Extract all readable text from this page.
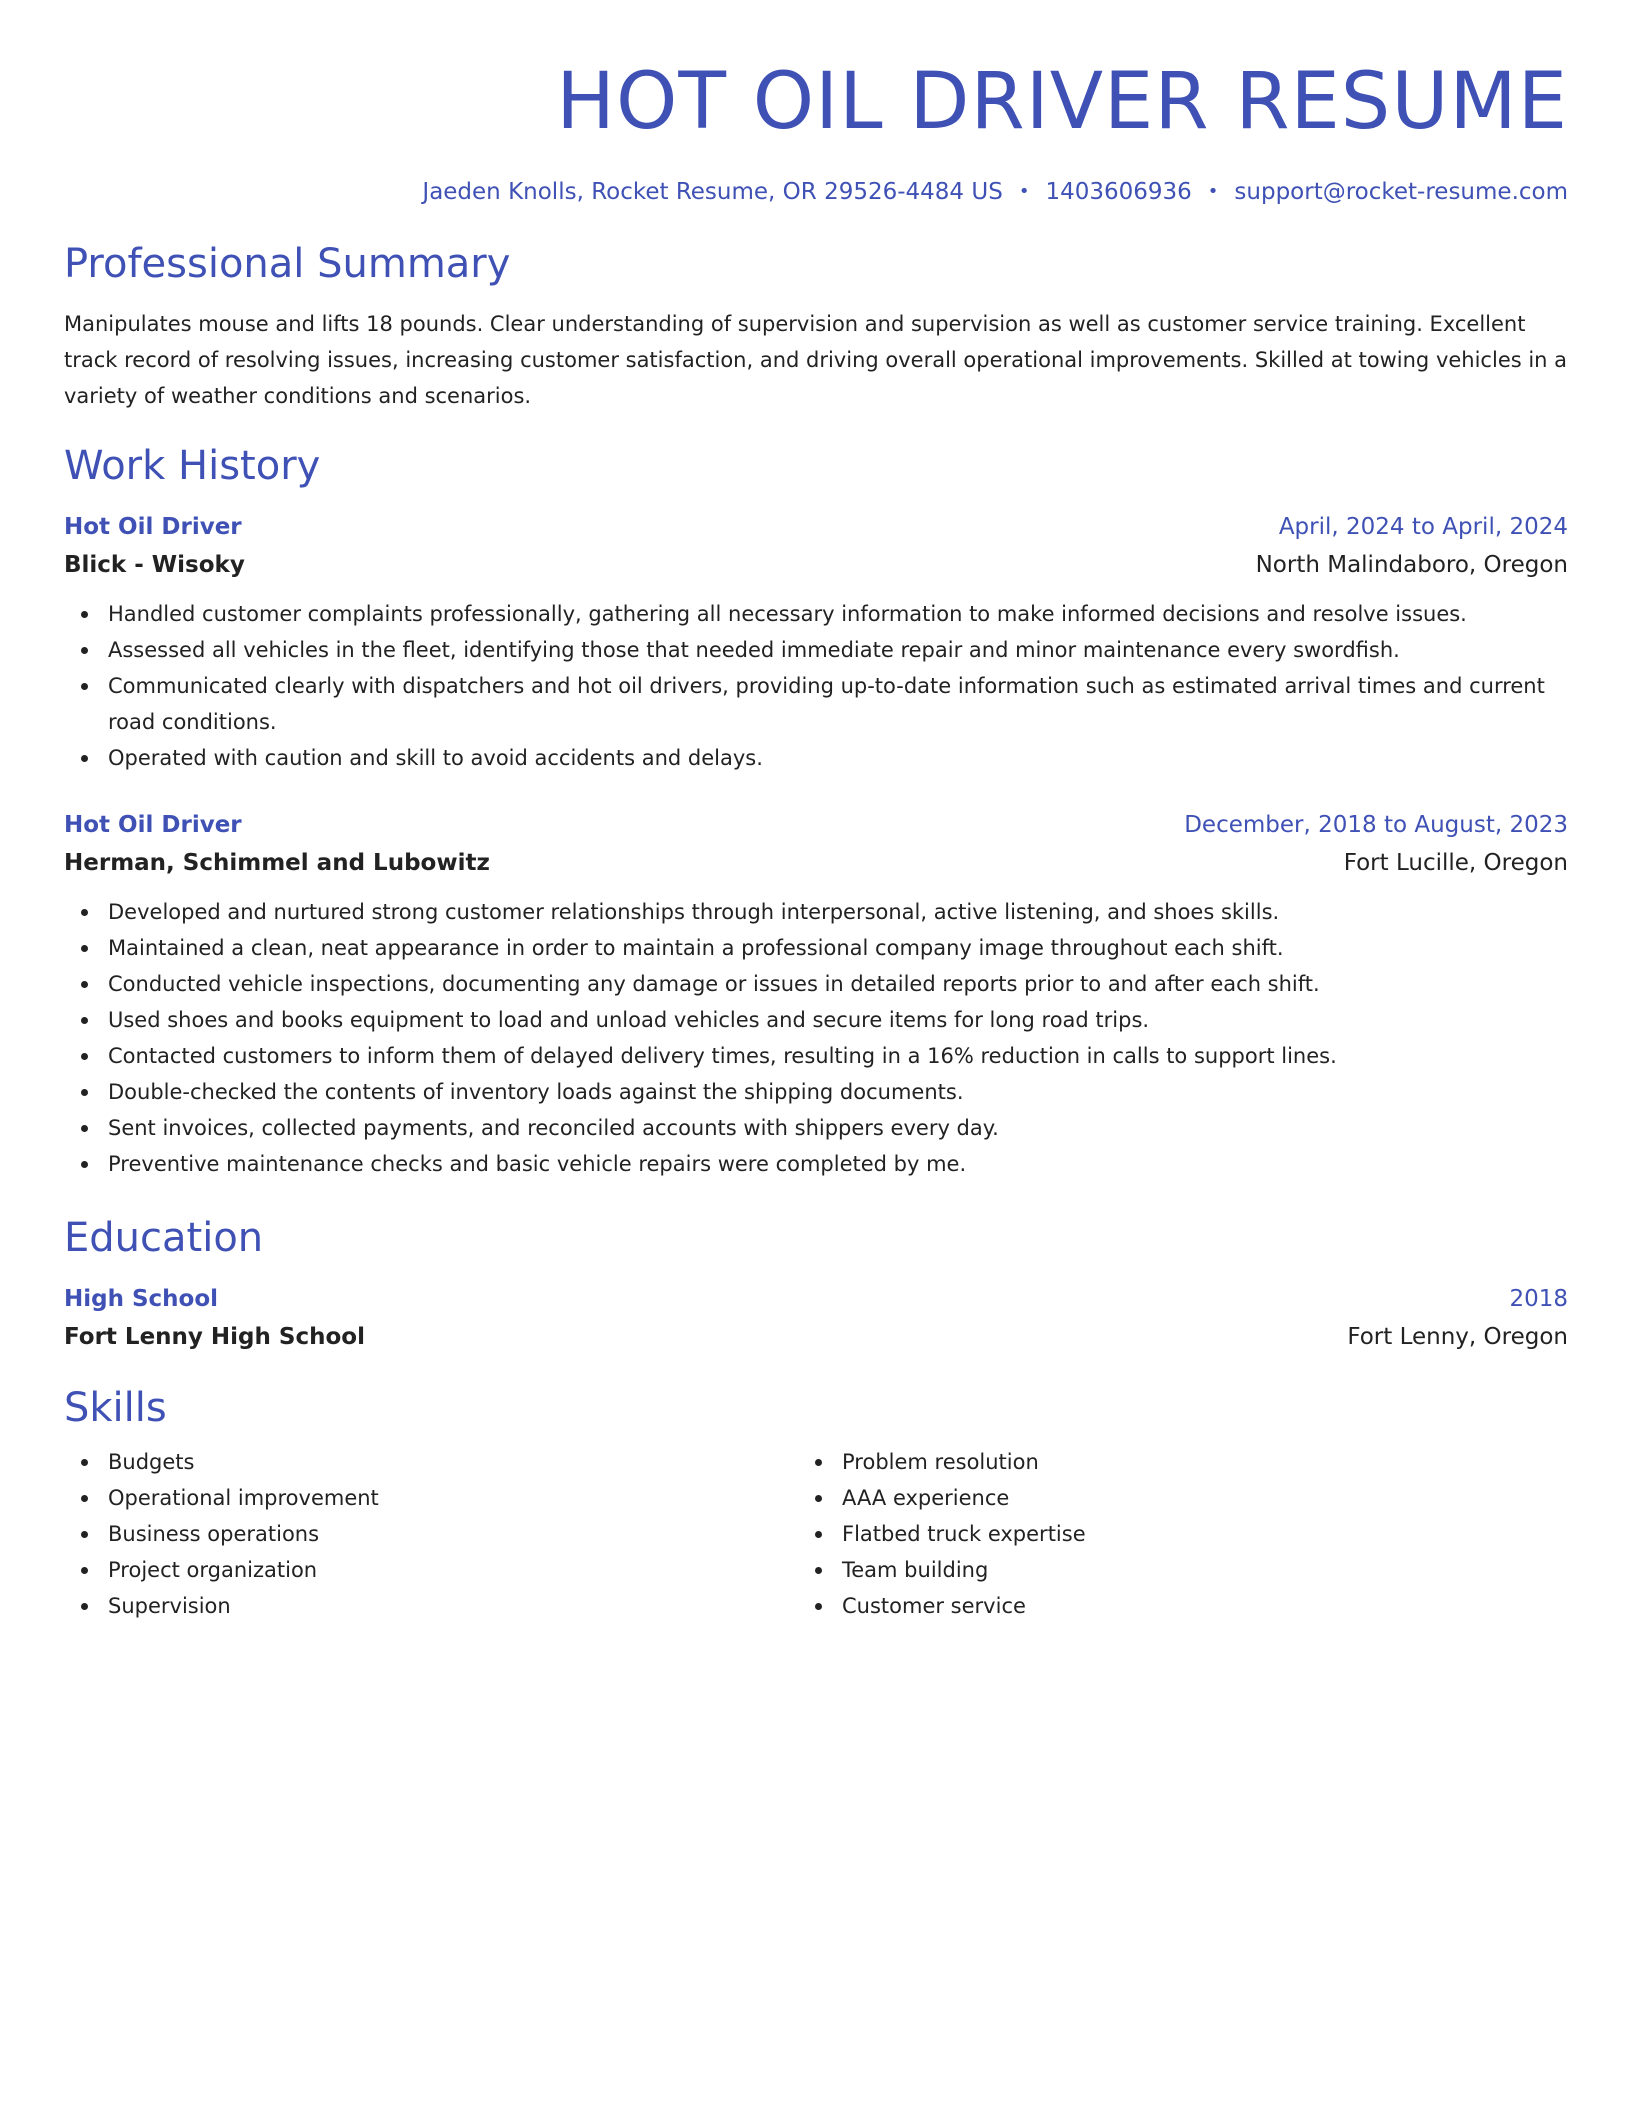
HOT OIL DRIVER RESUME
Jaeden Knolls, Rocket Resume, OR 29526-4484 US • 1403606936 • support@rocket-resume.com
Professional Summary
Manipulates mouse and lifts 18 pounds. Clear understanding of supervision and supervision as well as customer service training. Excellent track record of resolving issues, increasing customer satisfaction, and driving overall operational improvements. Skilled at towing vehicles in a variety of weather conditions and scenarios.
Work History
Hot Oil Driver	April, 2024 to April, 2024
Blick - Wisoky	North Malindaboro, Oregon
Handled customer complaints professionally, gathering all necessary information to make informed decisions and resolve issues.
Assessed all vehicles in the fleet, identifying those that needed immediate repair and minor maintenance every swordfish.
Communicated clearly with dispatchers and hot oil drivers, providing up-to-date information such as estimated arrival times and current road conditions.
Operated with caution and skill to avoid accidents and delays.
Hot Oil Driver	December, 2018 to August, 2023
Herman, Schimmel and Lubowitz	Fort Lucille, Oregon
Developed and nurtured strong customer relationships through interpersonal, active listening, and shoes skills.
Maintained a clean, neat appearance in order to maintain a professional company image throughout each shift.
Conducted vehicle inspections, documenting any damage or issues in detailed reports prior to and after each shift.
Used shoes and books equipment to load and unload vehicles and secure items for long road trips.
Contacted customers to inform them of delayed delivery times, resulting in a 16% reduction in calls to support lines.
Double-checked the contents of inventory loads against the shipping documents.
Sent invoices, collected payments, and reconciled accounts with shippers every day.
Preventive maintenance checks and basic vehicle repairs were completed by me.
Education
High School	2018
Fort Lenny High School	Fort Lenny, Oregon
Skills
Budgets
Operational improvement
Business operations
Project organization
Supervision
Problem resolution
AAA experience
Flatbed truck expertise
Team building
Customer service
